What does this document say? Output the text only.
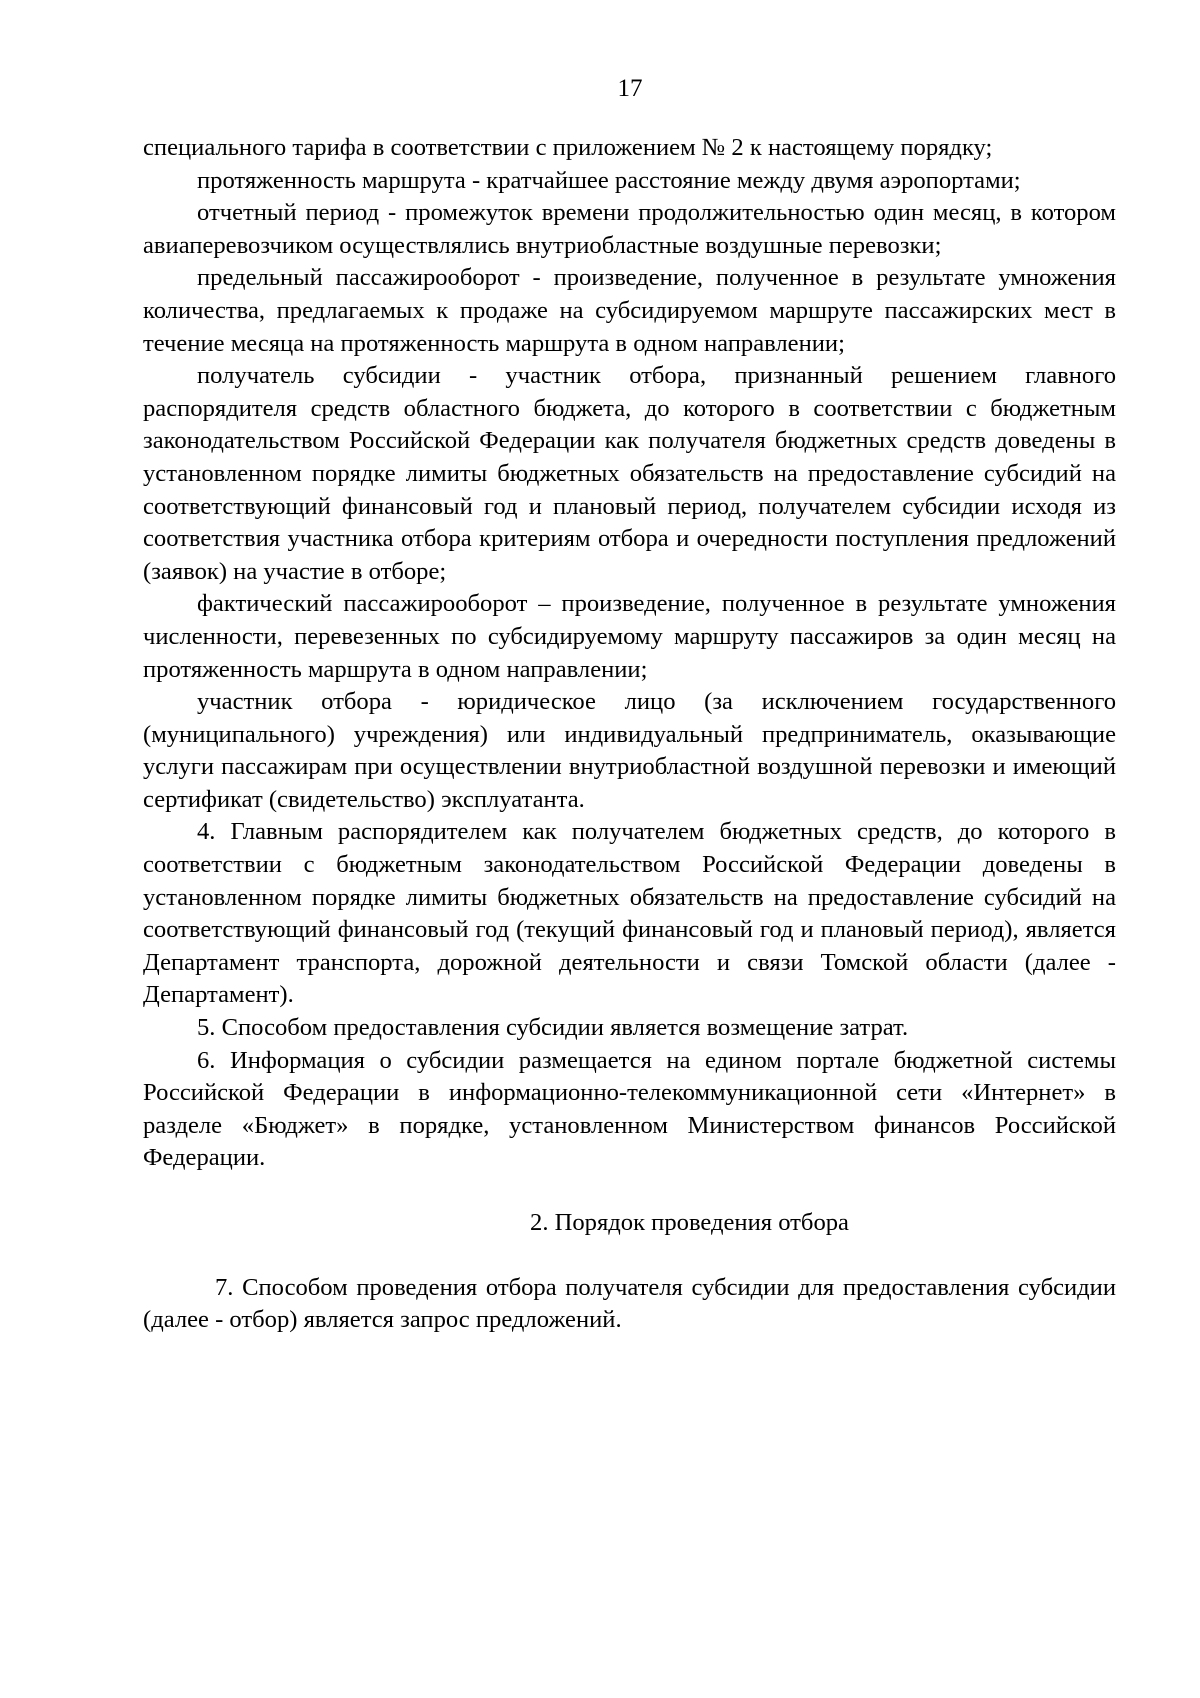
17

специального тарифа в соответствии с приложением № 2 к настоящему порядку;

протяженность маршрута - кратчайшее расстояние между двумя аэропортами;

отчетный период - промежуток времени продолжительностью один месяц, в котором авиаперевозчиком осуществлялись внутриобластные воздушные перевозки;

предельный пассажирооборот - произведение, полученное в результате умножения количества, предлагаемых к продаже на субсидируемом маршруте пассажирских мест в течение месяца на протяженность маршрута в одном направлении;

получатель субсидии - участник отбора, признанный решением главного распорядителя средств областного бюджета, до которого в соответствии с бюджетным законодательством Российской Федерации как получателя бюджетных средств доведены в установленном порядке лимиты бюджетных обязательств на предоставление субсидий на соответствующий финансовый год и плановый период, получателем субсидии исходя из соответствия участника отбора критериям отбора и очередности поступления предложений (заявок) на участие в отборе;

фактический пассажирооборот – произведение, полученное в результате умножения численности, перевезенных по субсидируемому маршруту пассажиров за один месяц на протяженность маршрута в одном направлении;

участник отбора - юридическое лицо (за исключением государственного (муниципального) учреждения) или индивидуальный предприниматель, оказывающие услуги пассажирам при осуществлении внутриобластной воздушной перевозки и имеющий сертификат (свидетельство) эксплуатанта.

4. Главным распорядителем как получателем бюджетных средств, до которого в соответствии с бюджетным законодательством Российской Федерации доведены в установленном порядке лимиты бюджетных обязательств на предоставление субсидий на соответствующий финансовый год (текущий финансовый год и плановый период), является Департамент транспорта, дорожной деятельности и связи Томской области (далее - Департамент).

5. Способом предоставления субсидии является возмещение затрат.

6. Информация о субсидии размещается на едином портале бюджетной системы Российской Федерации в информационно-телекоммуникационной сети «Интернет» в разделе «Бюджет» в порядке, установленном Министерством финансов Российской Федерации.

2. Порядок проведения отбора

7. Способом проведения отбора получателя субсидии для предоставления субсидии (далее - отбор) является запрос предложений.
